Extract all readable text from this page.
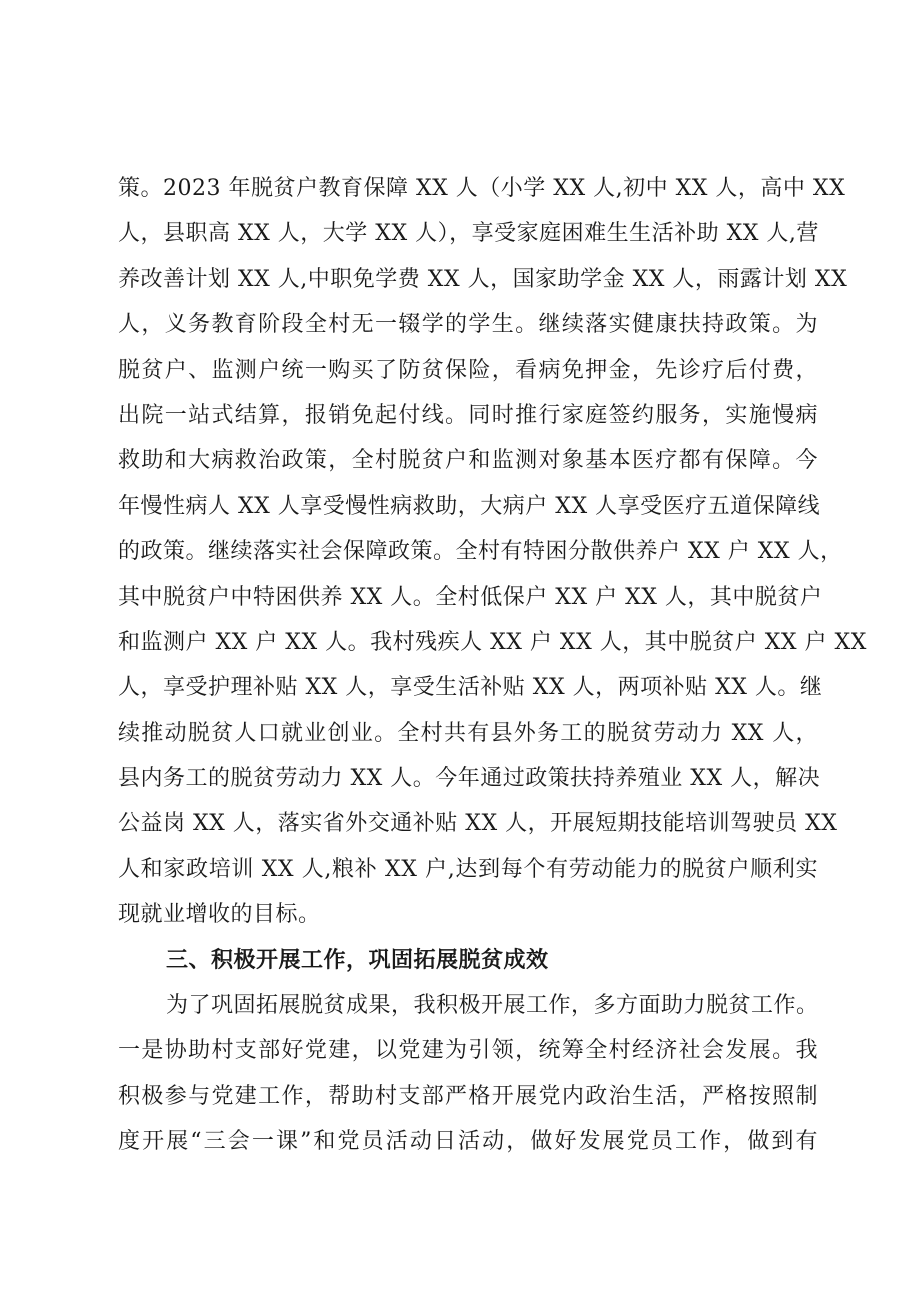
策。2023 年脱贫户教育保障 XX 人（小学 XX 人,初中 XX 人，高中 XX
人，县职高 XX 人，大学 XX 人），享受家庭困难生生活补助 XX 人,营
养改善计划 XX 人,中职免学费 XX 人，国家助学金 XX 人，雨露计划 XX
人，义务教育阶段全村无一辍学的学生。继续落实健康扶持政策。为
脱贫户、监测户统一购买了防贫保险，看病免押金，先诊疗后付费，
出院一站式结算，报销免起付线。同时推行家庭签约服务，实施慢病
救助和大病救治政策，全村脱贫户和监测对象基本医疗都有保障。今
年慢性病人 XX 人享受慢性病救助，大病户 XX 人享受医疗五道保障线
的政策。继续落实社会保障政策。全村有特困分散供养户 XX 户 XX 人，
其中脱贫户中特困供养 XX 人。全村低保户 XX 户 XX 人，其中脱贫户
和监测户 XX 户 XX 人。我村残疾人 XX 户 XX 人，其中脱贫户 XX 户 XX
人，享受护理补贴 XX 人，享受生活补贴 XX 人，两项补贴 XX 人。继
续推动脱贫人口就业创业。全村共有县外务工的脱贫劳动力 XX 人，
县内务工的脱贫劳动力 XX 人。今年通过政策扶持养殖业 XX 人，解决
公益岗 XX 人，落实省外交通补贴 XX 人，开展短期技能培训驾驶员 XX
人和家政培训 XX 人,粮补 XX 户,达到每个有劳动能力的脱贫户顺利实
现就业增收的目标。
三、积极开展工作，巩固拓展脱贫成效
为了巩固拓展脱贫成果，我积极开展工作，多方面助力脱贫工作。
一是协助村支部好党建，以党建为引领，统筹全村经济社会发展。我
积极参与党建工作，帮助村支部严格开展党内政治生活，严格按照制
度开展“三会一课”和党员活动日活动，做好发展党员工作，做到有
